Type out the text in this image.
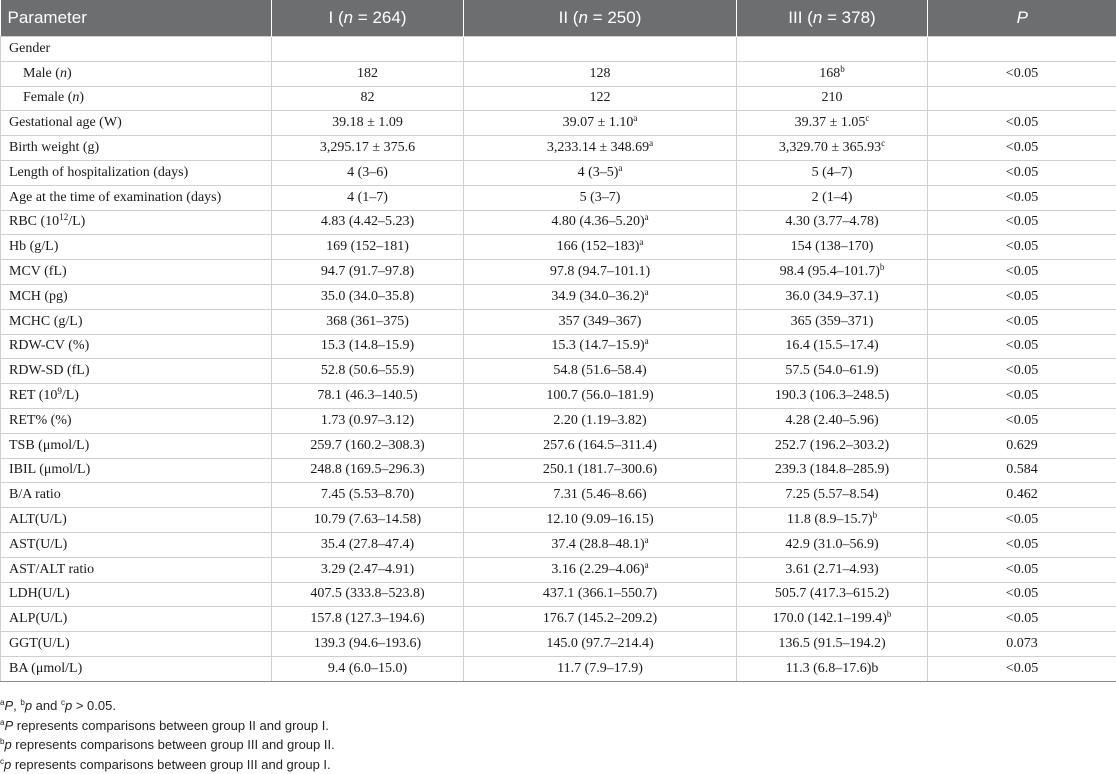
Parameter	I (n = 264)	II (n = 250)	III (n = 378)	P
Gender				
Male (n)	182	128	$168^b$	<0.05
Female (n)	82	122	210	
Gestational age (W)	39.18 ± 1.09	39.07 ± 1.10$^a$	39.37 ± 1.05$^c$	<0.05
Birth weight (g)	3,295.17 ± 375.6	3,233.14 ± 348.69$^a$	3,329.70 ± 365.93$^c$	<0.05
Length of hospitalization (days)	4 (3–6)	4 $(3-5)^a$	5 (4–7)	<0.05
Age at the time of examination (days)	4 (1–7)	5 (3–7)	2 (1–4)	<0.05
RBC $(10^{12}/L)$	4.83 (4.42–5.23)	4.80 $(4.36-5.20)^a$	4.30 (3.77–4.78)	<0.05
Hb (g/L)	169 (152–181)	166 $(152-183)^a$	154 (138–170)	<0.05
MCV (fL)	94.7 (91.7–97.8)	97.8 (94.7–101.1)	98.4 $(95.4-101.7)^b$	<0.05
MCH (pg)	35.0 (34.0–35.8)	34.9 $(34.0-36.2)^a$	36.0 (34.9–37.1)	<0.05
MCHC (g/L)	368 (361–375)	357 (349–367)	365 (359–371)	<0.05
RDW-CV (%)	15.3 (14.8–15.9)	15.3 $(14.7-15.9)^a$	16.4 (15.5–17.4)	<0.05
RDW-SD (fL)	52.8 (50.6–55.9)	54.8 (51.6–58.4)	57.5 (54.0–61.9)	<0.05
RET $(10^9/L)$	78.1 (46.3–140.5)	100.7 (56.0–181.9)	190.3 (106.3–248.5)	<0.05
RET% (%)	1.73 (0.97–3.12)	2.20 (1.19–3.82)	4.28 (2.40–5.96)	<0.05
TSB (μmol/L)	259.7 (160.2–308.3)	257.6 (164.5–311.4)	252.7 (196.2–303.2)	0.629
IBIL (μmol/L)	248.8 (169.5–296.3)	250.1 (181.7–300.6)	239.3 (184.8–285.9)	0.584
B/A ratio	7.45 (5.53–8.70)	7.31 (5.46–8.66)	7.25 (5.57–8.54)	0.462
ALT(U/L)	10.79 (7.63–14.58)	12.10 (9.09–16.15)	11.8 $(8.9-15.7)^b$	<0.05
AST(U/L)	35.4 (27.8–47.4)	37.4 $(28.8-48.1)^a$	42.9 (31.0–56.9)	<0.05
AST/ALT ratio	3.29 (2.47–4.91)	3.16 $(2.29-4.06)^a$	3.61 (2.71–4.93)	<0.05
LDH(U/L)	407.5 (333.8–523.8)	437.1 (366.1–550.7)	505.7 (417.3–615.2)	<0.05
ALP(U/L)	157.8 (127.3–194.6)	176.7 (145.2–209.2)	170.0 $(142.1-199.4)^b$	<0.05
GGT(U/L)	139.3 (94.6–193.6)	145.0 (97.7–214.4)	136.5 (91.5–194.2)	0.073
BA (μmol/L)	9.4 (6.0–15.0)	11.7 (7.9–17.9)	11.3 (6.8–17.6)b	<0.05
$^a$P, $^b$p and $^c$p > 0.05.
$^a$P represents comparisons between group II and group I.
$^b$p represents comparisons between group III and group II.
$^c$p represents comparisons between group III and group I.
